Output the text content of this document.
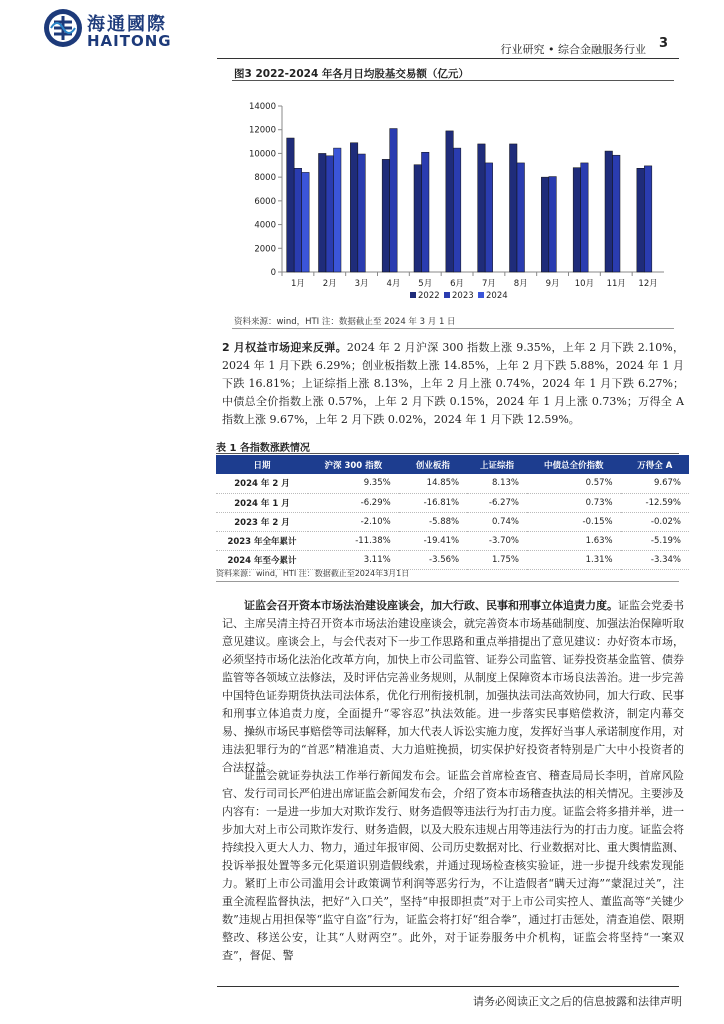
海通國際
HAITONG	行业研究 • 综合金融服务行业 3
图3 2022-2024 年各月日均股基交易额（亿元）
0
2000
4000
6000
8000
10000
12000
14000
1月 2月 3月 4月 5月 6月 7月 8月 9月 10月 11月 12月
2022 2023 2024
资料来源：wind，HTI 注：数据截止至 2024 年 3 月 1 日
2 月权益市场迎来反弹。2024 年 2 月沪深 300 指数上涨 9.35%，上年 2 月下跌 2.10%，2024 年 1 月下跌 6.29%；创业板指数上涨 14.85%，上年 2 月下跌 5.88%，2024 年 1 月下跌 16.81%；上证综指上涨 8.13%，上年 2 月上涨 0.74%，2024 年 1 月下跌 6.27%；中债总全价指数上涨 0.57%，上年 2 月下跌 0.15%，2024 年 1 月上涨 0.73%；万得全 A 指数上涨 9.67%，上年 2 月下跌 0.02%，2024 年 1 月下跌 12.59%。
表 1 各指数涨跌情况
日期	沪深 300 指数	创业板指	上证综指	中债总全价指数	万得全 A
2024 年 2 月	9.35%	14.85%	8.13%	0.57%	9.67%
2024 年 1 月	-6.29%	-16.81%	-6.27%	0.73%	-12.59%
2023 年 2 月	-2.10%	-5.88%	0.74%	-0.15%	-0.02%
2023 年全年累计	-11.38%	-19.41%	-3.70%	1.63%	-5.19%
2024 年至今累计	3.11%	-3.56%	1.75%	1.31%	-3.34%
资料来源：wind，HTI 注：数据截止至2024年3月1日
证监会召开资本市场法治建设座谈会，加大行政、民事和刑事立体追责力度。证监会党委书记、主席吴清主持召开资本市场法治建设座谈会，就完善资本市场基础制度、加强法治保障听取意见建议。座谈会上，与会代表对下一步工作思路和重点举措提出了意见建议：办好资本市场，必须坚持市场化法治化改革方向，加快上市公司监管、证券公司监管、证券投资基金监管、债券监管等各领域立法修法，及时评估完善业务规则，从制度上保障资本市场良法善治。进一步完善中国特色证券期货执法司法体系，优化行刑衔接机制，加强执法司法高效协同，加大行政、民事和刑事立体追责力度，全面提升“零容忍”执法效能。进一步落实民事赔偿救济，制定内幕交易、操纵市场民事赔偿等司法解释，加大代表人诉讼实施力度，发挥好当事人承诺制度作用，对违法犯罪行为的“首恶”精准追责、大力追赃挽损，切实保护好投资者特别是广大中小投资者的合法权益。
证监会就证券执法工作举行新闻发布会。证监会首席检查官、稽查局局长李明，首席风险官、发行司司长严伯进出席证监会新闻发布会，介绍了资本市场稽查执法的相关情况。主要涉及内容有：一是进一步加大对欺诈发行、财务造假等违法行为打击力度。证监会将多措并举，进一步加大对上市公司欺诈发行、财务造假，以及大股东违规占用等违法行为的打击力度。证监会将持续投入更大人力、物力，通过年报审阅、公司历史数据对比、行业数据对比、重大舆情监测、投诉举报处置等多元化渠道识别造假线索，并通过现场检查核实验证，进一步提升线索发现能力。紧盯上市公司滥用会计政策调节利润等恶劣行为，不让造假者“瞒天过海”“蒙混过关”，注重全流程监督执法，把好“入口关”，坚持“申报即担责”对于上市公司实控人、董监高等“关键少数”违规占用担保等“监守自盗”行为，证监会将打好“组合拳”，通过打击惩处，清查追偿、限期整改、移送公安，让其“人财两空”。此外，对于证券服务中介机构，证监会将坚持“一案双查”，督促、警
请务必阅读正文之后的信息披露和法律声明
